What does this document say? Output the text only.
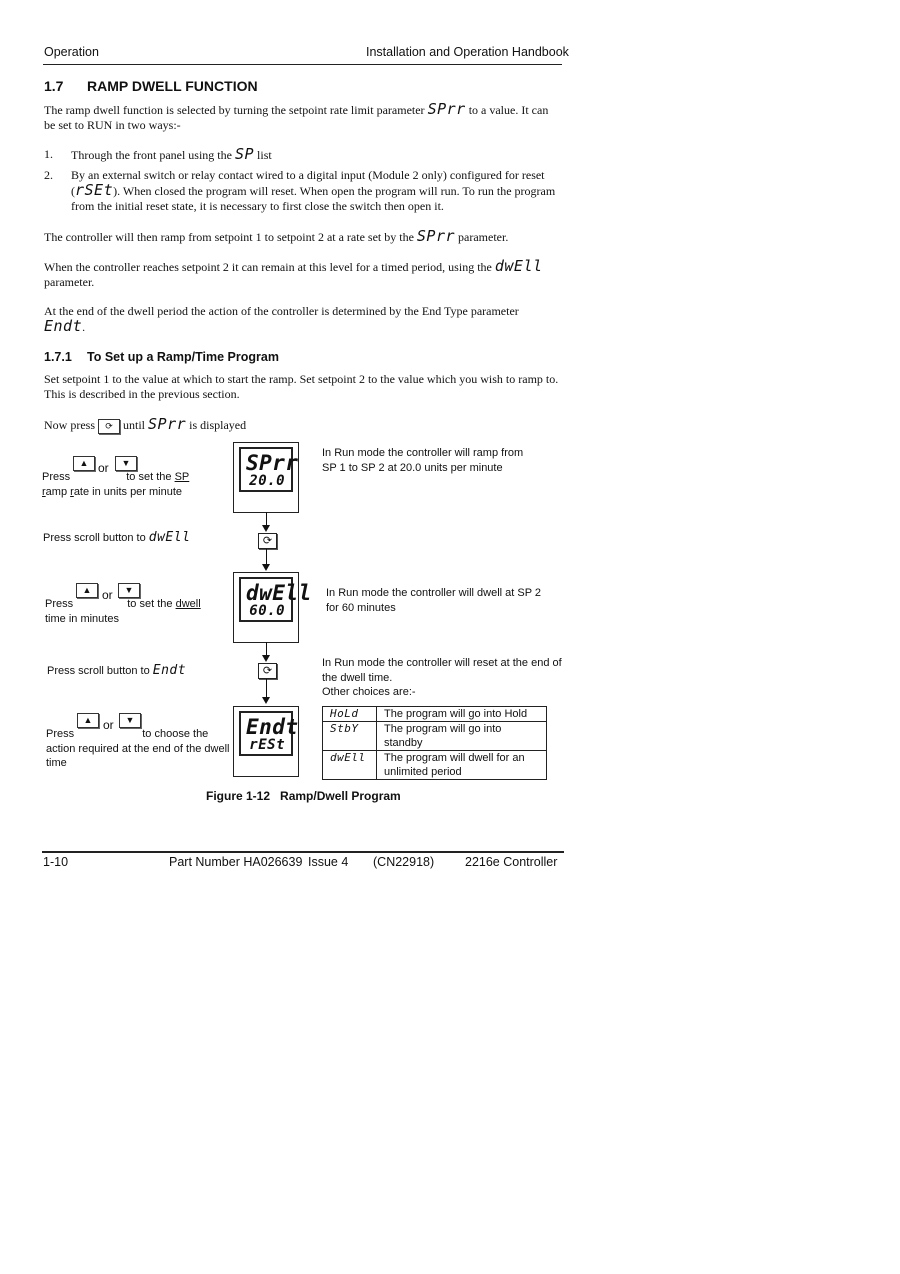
Operation	Installation and Operation Handbook
1.7 RAMP DWELL FUNCTION
The ramp dwell function is selected by turning the setpoint rate limit parameter SPrr to a value. It can be set to RUN in two ways:-
1. Through the front panel using the SP list
2. By an external switch or relay contact wired to a digital input (Module 2 only) configured for reset (rSEt). When closed the program will reset. When open the program will run. To run the program from the initial reset state, it is necessary to first close the switch then open it.
The controller will then ramp from setpoint 1 to setpoint 2 at a rate set by the SPrr parameter.
When the controller reaches setpoint 2 it can remain at this level for a timed period, using the dwEll parameter.
At the end of the dwell period the action of the controller is determined by the End Type parameter Endt.
1.7.1 To Set up a Ramp/Time Program
Set setpoint 1 to the value at which to start the ramp. Set setpoint 2 to the value which you wish to ramp to. This is described in the previous section.
Now press ⟳ until SPrr is displayed
▲ or	▼
Press	to set the SP
ramp rate in units per minute
SPrr
20.0
In Run mode the controller will ramp from SP 1 to SP 2 at 20.0 units per minute
⟳
Press scroll button to dwEll
▲ or	▼
Press	to set the dwell
time in minutes
dwEll
60.0
In Run mode the controller will dwell at SP 2 for 60 minutes
⟳
Press scroll button to Endt	In Run mode the controller will reset at the end of the dwell time.
Other choices are:-
▲ or	▼
Press	to choose the
action required at the end of the dwell time
Endt
rESt
HoLd	The program will go into Hold
StbY	The program will go into standby
dwEll	The program will dwell for an unlimited period
Figure 1-12   Ramp/Dwell Program
1-10	Part Number HA026639 Issue 4 (CN22918) 2216e Controller
